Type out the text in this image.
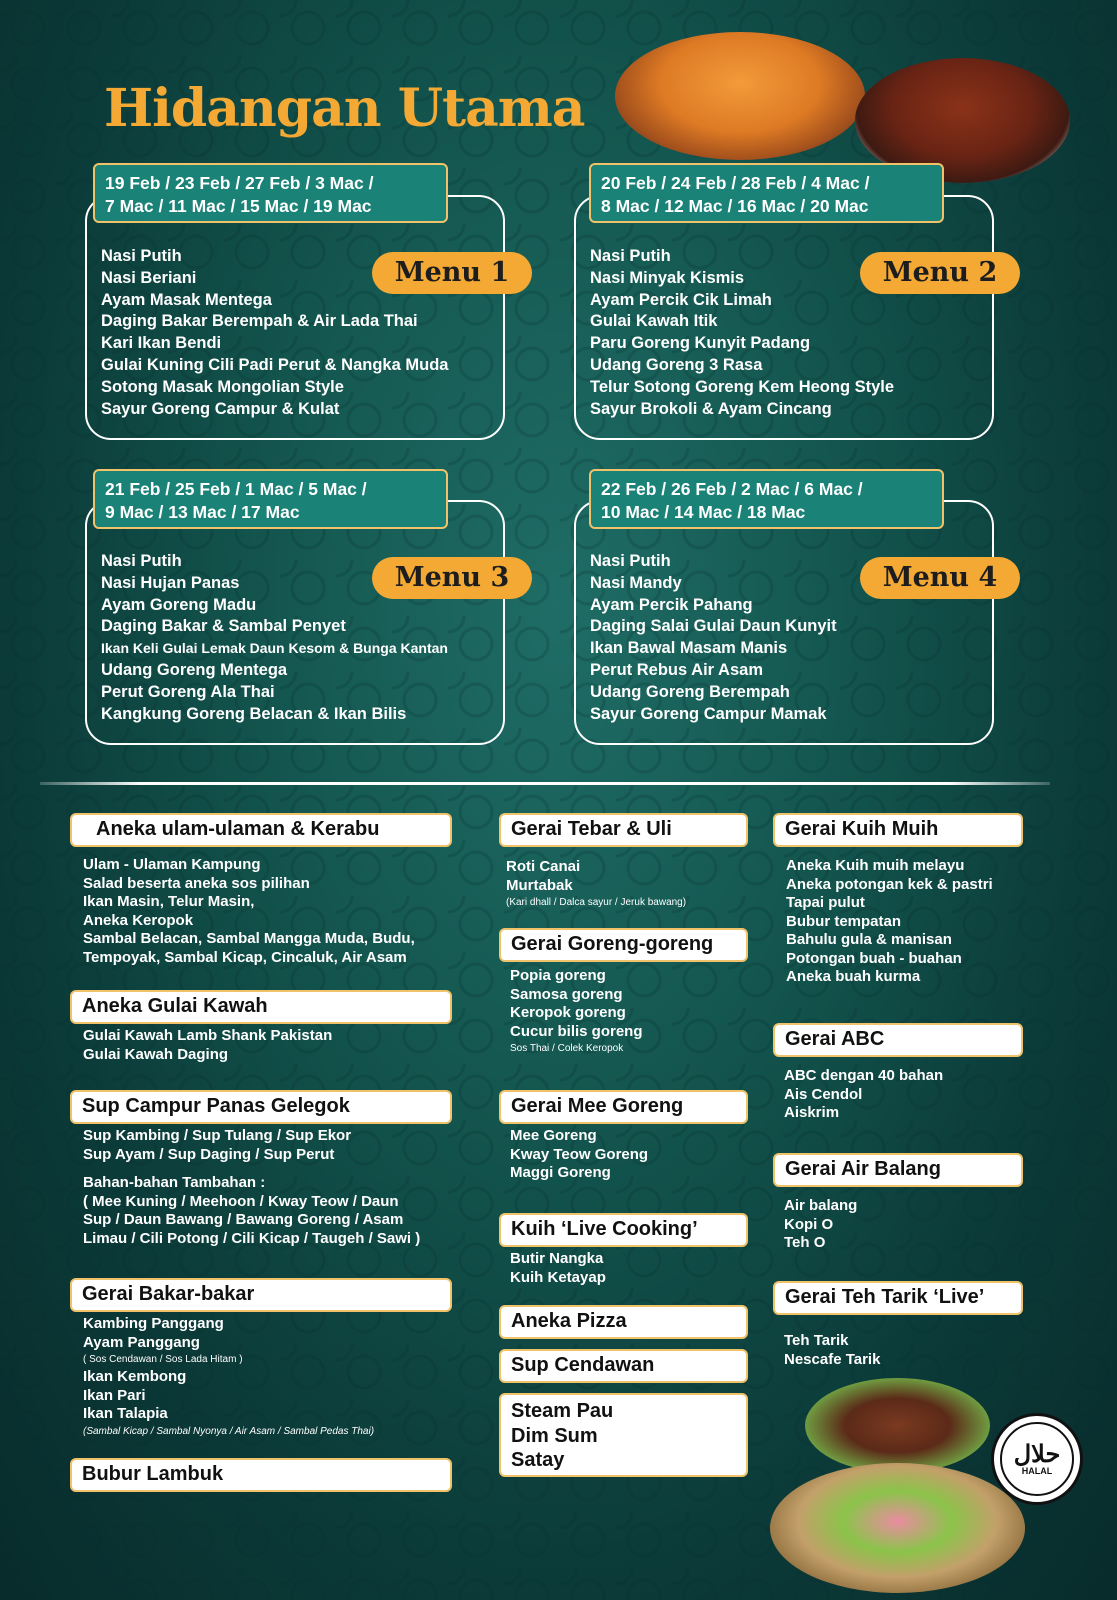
Hidangan Utama
19 Feb / 23 Feb / 27 Feb / 3 Mac /
7 Mac / 11 Mac / 15 Mac / 19 Mac
Menu 1
Nasi Putih
Nasi Beriani
Ayam Masak Mentega
Daging Bakar Berempah & Air Lada Thai
Kari Ikan Bendi
Gulai Kuning Cili Padi Perut & Nangka Muda
Sotong Masak Mongolian Style
Sayur Goreng Campur & Kulat
20 Feb / 24 Feb / 28 Feb / 4 Mac /
8 Mac / 12 Mac / 16 Mac / 20 Mac
Menu 2
Nasi Putih
Nasi Minyak Kismis
Ayam Percik Cik Limah
Gulai Kawah Itik
Paru Goreng Kunyit Padang
Udang Goreng 3 Rasa
Telur Sotong Goreng Kem Heong Style
Sayur Brokoli & Ayam Cincang
21 Feb / 25 Feb / 1 Mac / 5 Mac /
9 Mac / 13 Mac / 17 Mac
Menu 3
Nasi Putih
Nasi Hujan Panas
Ayam Goreng Madu
Daging Bakar & Sambal Penyet
Ikan Keli Gulai Lemak Daun Kesom & Bunga Kantan
Udang Goreng Mentega
Perut Goreng Ala Thai
Kangkung Goreng Belacan & Ikan Bilis
22 Feb / 26 Feb / 2 Mac / 6 Mac /
10 Mac / 14 Mac / 18 Mac
Menu 4
Nasi Putih
Nasi Mandy
Ayam Percik Pahang
Daging Salai Gulai Daun Kunyit
Ikan Bawal Masam Manis
Perut Rebus Air Asam
Udang Goreng Berempah
Sayur Goreng Campur Mamak
Aneka ulam-ulaman & Kerabu
Ulam - Ulaman Kampung
Salad beserta aneka sos pilihan
Ikan Masin, Telur Masin,
Aneka Keropok
Sambal Belacan, Sambal Mangga Muda, Budu,
Tempoyak, Sambal Kicap, Cincaluk, Air Asam
Aneka Gulai Kawah
Gulai Kawah Lamb Shank Pakistan
Gulai Kawah Daging
Sup Campur Panas Gelegok
Sup Kambing / Sup Tulang / Sup Ekor
Sup Ayam / Sup Daging / Sup Perut
Bahan-bahan Tambahan :
( Mee Kuning / Meehoon / Kway Teow / Daun
Sup / Daun Bawang / Bawang Goreng / Asam
Limau / Cili Potong / Cili Kicap / Taugeh / Sawi )
Gerai Bakar-bakar
Kambing Panggang
Ayam Panggang
( Sos Cendawan / Sos Lada Hitam )
Ikan Kembong
Ikan Pari
Ikan Talapia
(Sambal Kicap / Sambal Nyonya / Air Asam / Sambal Pedas Thai)
Bubur Lambuk
Gerai Tebar & Uli
Roti Canai
Murtabak
(Kari dhall / Dalca sayur / Jeruk bawang)
Gerai Goreng-goreng
Popia goreng
Samosa goreng
Keropok goreng
Cucur bilis goreng
Sos Thai / Colek Keropok
Gerai Mee Goreng
Mee Goreng
Kway Teow Goreng
Maggi Goreng
Kuih ‘Live Cooking’
Butir Nangka
Kuih Ketayap
Aneka Pizza
Sup Cendawan
Steam Pau
Dim Sum
Satay
Gerai Kuih Muih
Aneka Kuih muih melayu
Aneka potongan kek & pastri
Tapai pulut
Bubur tempatan
Bahulu gula & manisan
Potongan buah - buahan
Aneka buah kurma
Gerai ABC
ABC dengan 40 bahan
Ais Cendol
Aiskrim
Gerai Air Balang
Air balang
Kopi O
Teh O
Gerai Teh Tarik ‘Live’
Teh Tarik
Nescafe Tarik
حلال
HALAL
